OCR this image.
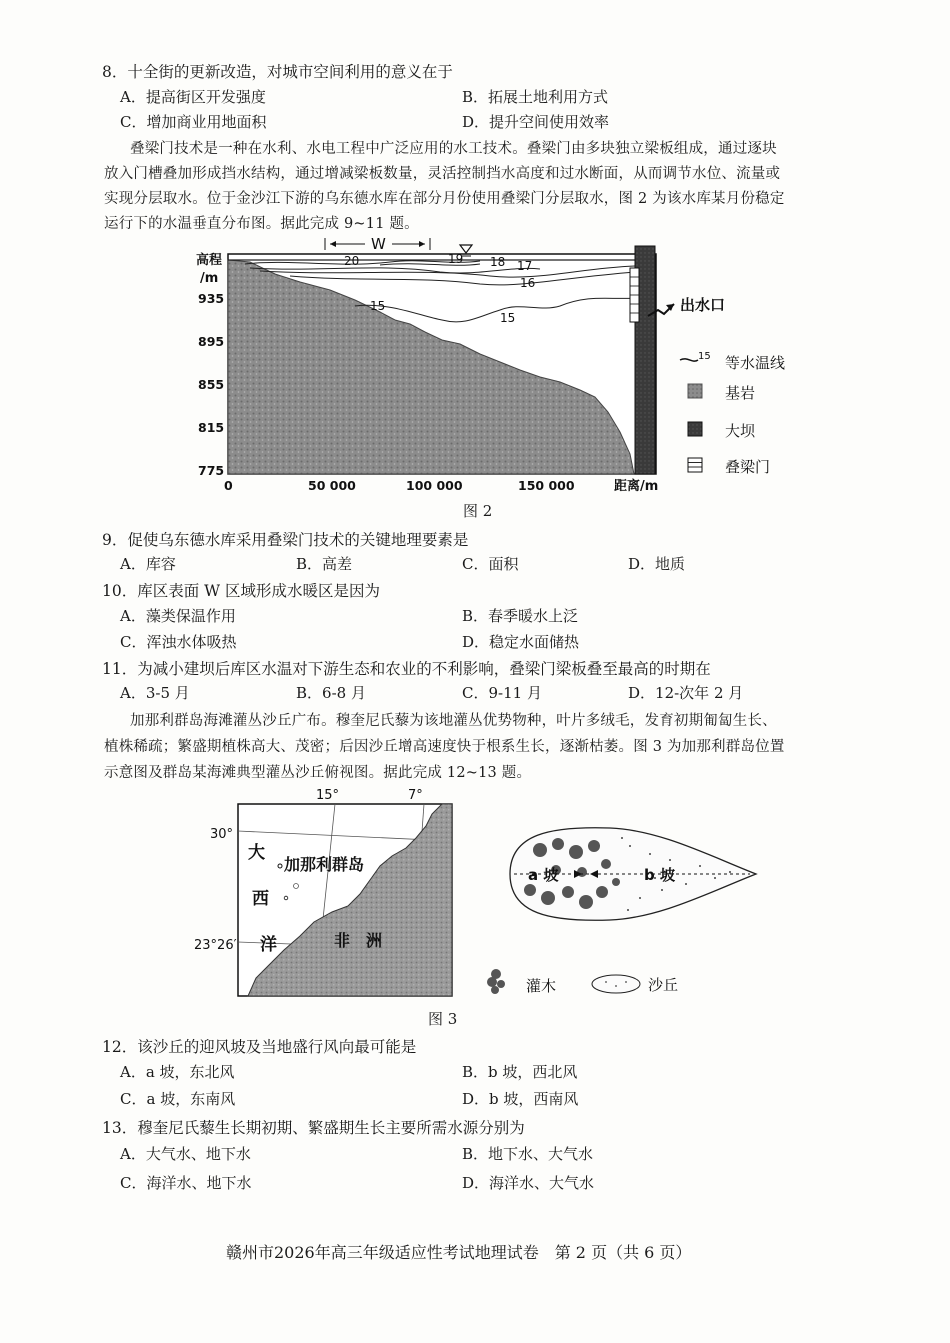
8．十全街的更新改造，对城市空间利用的意义在于
A．提高街区开发强度	B．拓展土地利用方式
C．增加商业用地面积	D．提升空间使用效率
叠梁门技术是一种在水利、水电工程中广泛应用的水工技术。叠梁门由多块独立梁板组成，通过逐块
放入门槽叠加形成挡水结构，通过增减梁板数量，灵活控制挡水高度和过水断面，从而调节水位、流量或
实现分层取水。位于金沙江下游的乌东德水库在部分月份使用叠梁门分层取水，图 2 为该水库某月份稳定
运行下的水温垂直分布图。据此完成 9~11 题。
出水口
W
20	19 18 17
16
15
15
高程
/m
935
895
855
815
775
0	50 000	100 000	150 000	距离/m
15 等水温线
基岩
大坝
叠梁门
图 2
9．促使乌东德水库采用叠梁门技术的关键地理要素是
A．库容	B．高差	C．面积	D．地质
10．库区表面 W 区域形成水暖区是因为
A．藻类保温作用	B．春季暖水上泛
C．浑浊水体吸热	D．稳定水面储热
11．为减小建坝后库区水温对下游生态和农业的不利影响，叠梁门梁板叠至最高的时期在
A．3-5 月	B．6-8 月	C．9-11 月	D．12-次年 2 月
加那利群岛海滩灌丛沙丘广布。穆奎尼氏藜为该地灌丛优势物种，叶片多绒毛，发育初期匍匐生长、
植株稀疏；繁盛期植株高大、茂密；后因沙丘增高速度快于根系生长，逐渐枯萎。图 3 为加那利群岛位置
示意图及群岛某海滩典型灌丛沙丘俯视图。据此完成 12~13 题。
15°	7°
30°
23°26′
大
西
洋
加那利群岛
非　洲
a 坡	b 坡
灌木	沙丘
图 3
12．该沙丘的迎风坡及当地盛行风向最可能是
A．a 坡，东北风	B．b 坡，西北风
C．a 坡，东南风	D．b 坡，西南风
13．穆奎尼氏藜生长期初期、繁盛期生长主要所需水源分别为
A．大气水、地下水	B．地下水、大气水
C．海洋水、地下水	D．海洋水、大气水
赣州市2026年高三年级适应性考试地理试卷　第 2 页（共 6 页）
